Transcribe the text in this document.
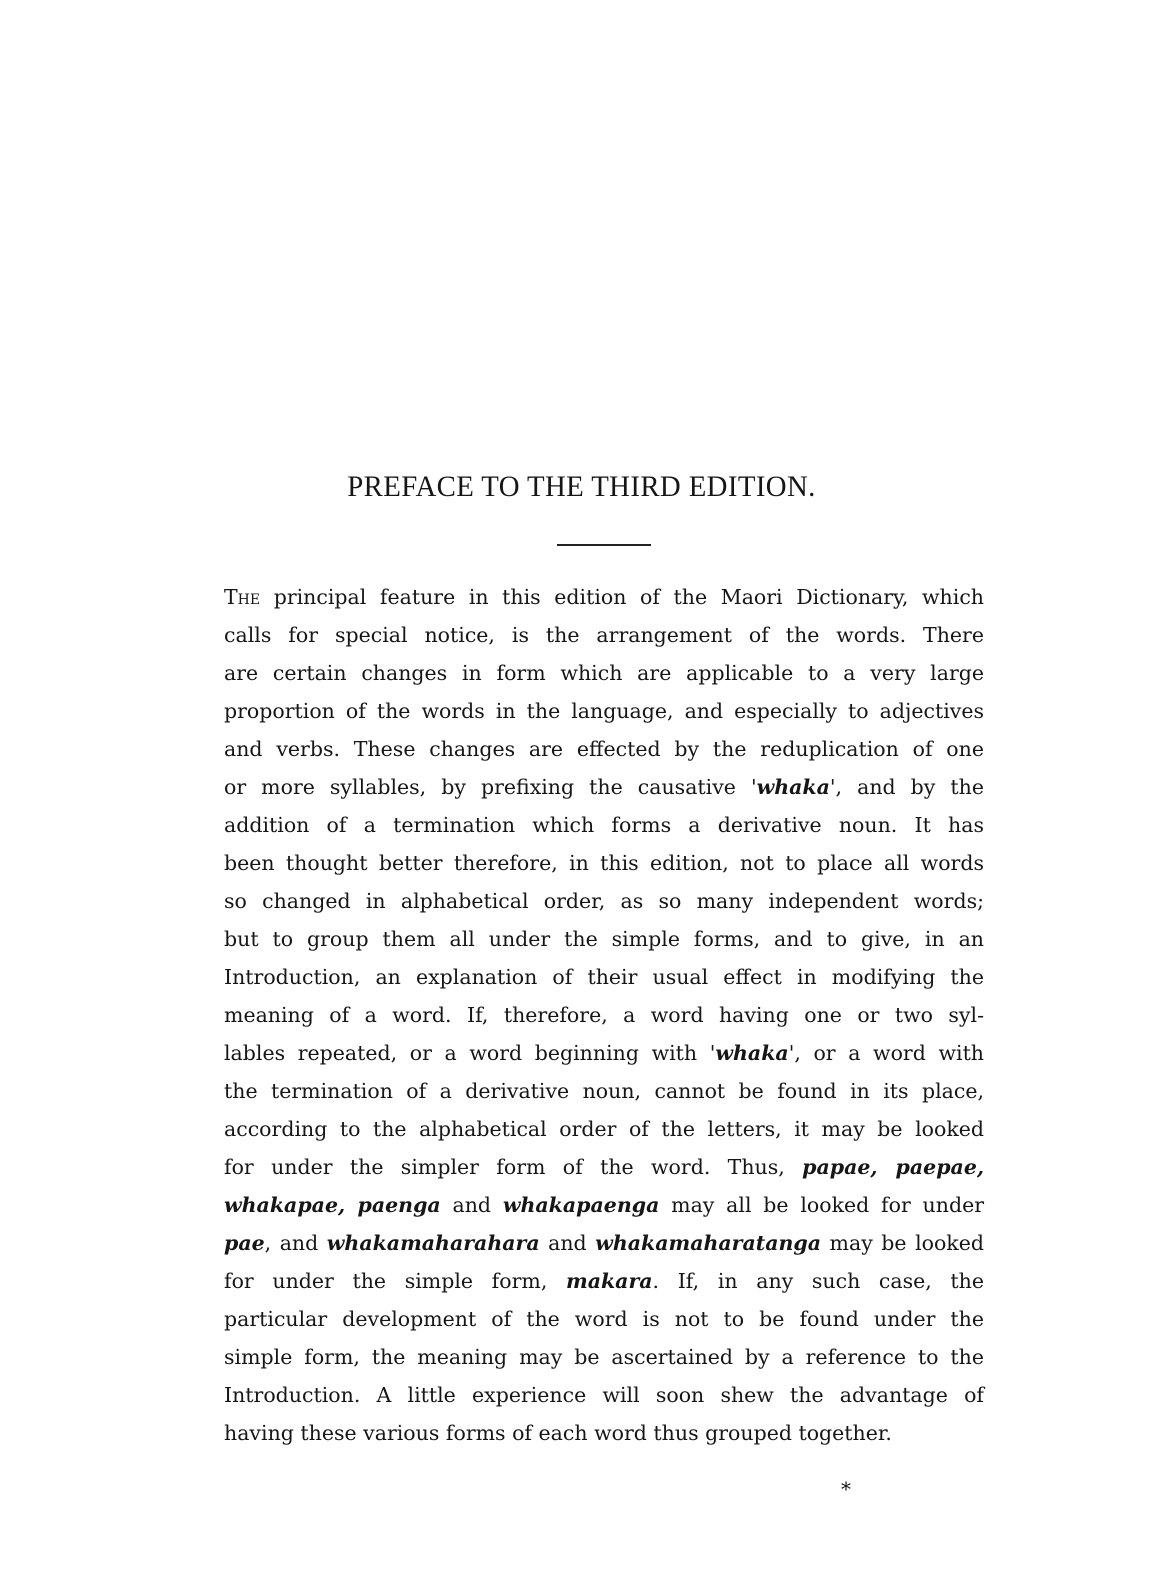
PREFACE TO THE THIRD EDITION.
The principal feature in this edition of the Maori Dictionary, which
calls for special notice, is the arrangement of the words. There
are certain changes in form which are applicable to a very large
proportion of the words in the language, and especially to adjectives
and verbs. These changes are effected by the reduplication of one
or more syllables, by prefixing the causative 'whaka', and by the
addition of a termination which forms a derivative noun. It has
been thought better therefore, in this edition, not to place all words
so changed in alphabetical order, as so many independent words;
but to group them all under the simple forms, and to give, in an
Introduction, an explanation of their usual effect in modifying the
meaning of a word. If, therefore, a word having one or two syl-
lables repeated, or a word beginning with 'whaka', or a word with
the termination of a derivative noun, cannot be found in its place,
according to the alphabetical order of the letters, it may be looked
for under the simpler form of the word. Thus, papae, paepae,
whakapae, paenga and whakapaenga may all be looked for under
pae, and whakamaharahara and whakamaharatanga may be looked
for under the simple form, makara. If, in any such case, the
particular development of the word is not to be found under the
simple form, the meaning may be ascertained by a reference to the
Introduction. A little experience will soon shew the advantage of
having these various forms of each word thus grouped together.
*
